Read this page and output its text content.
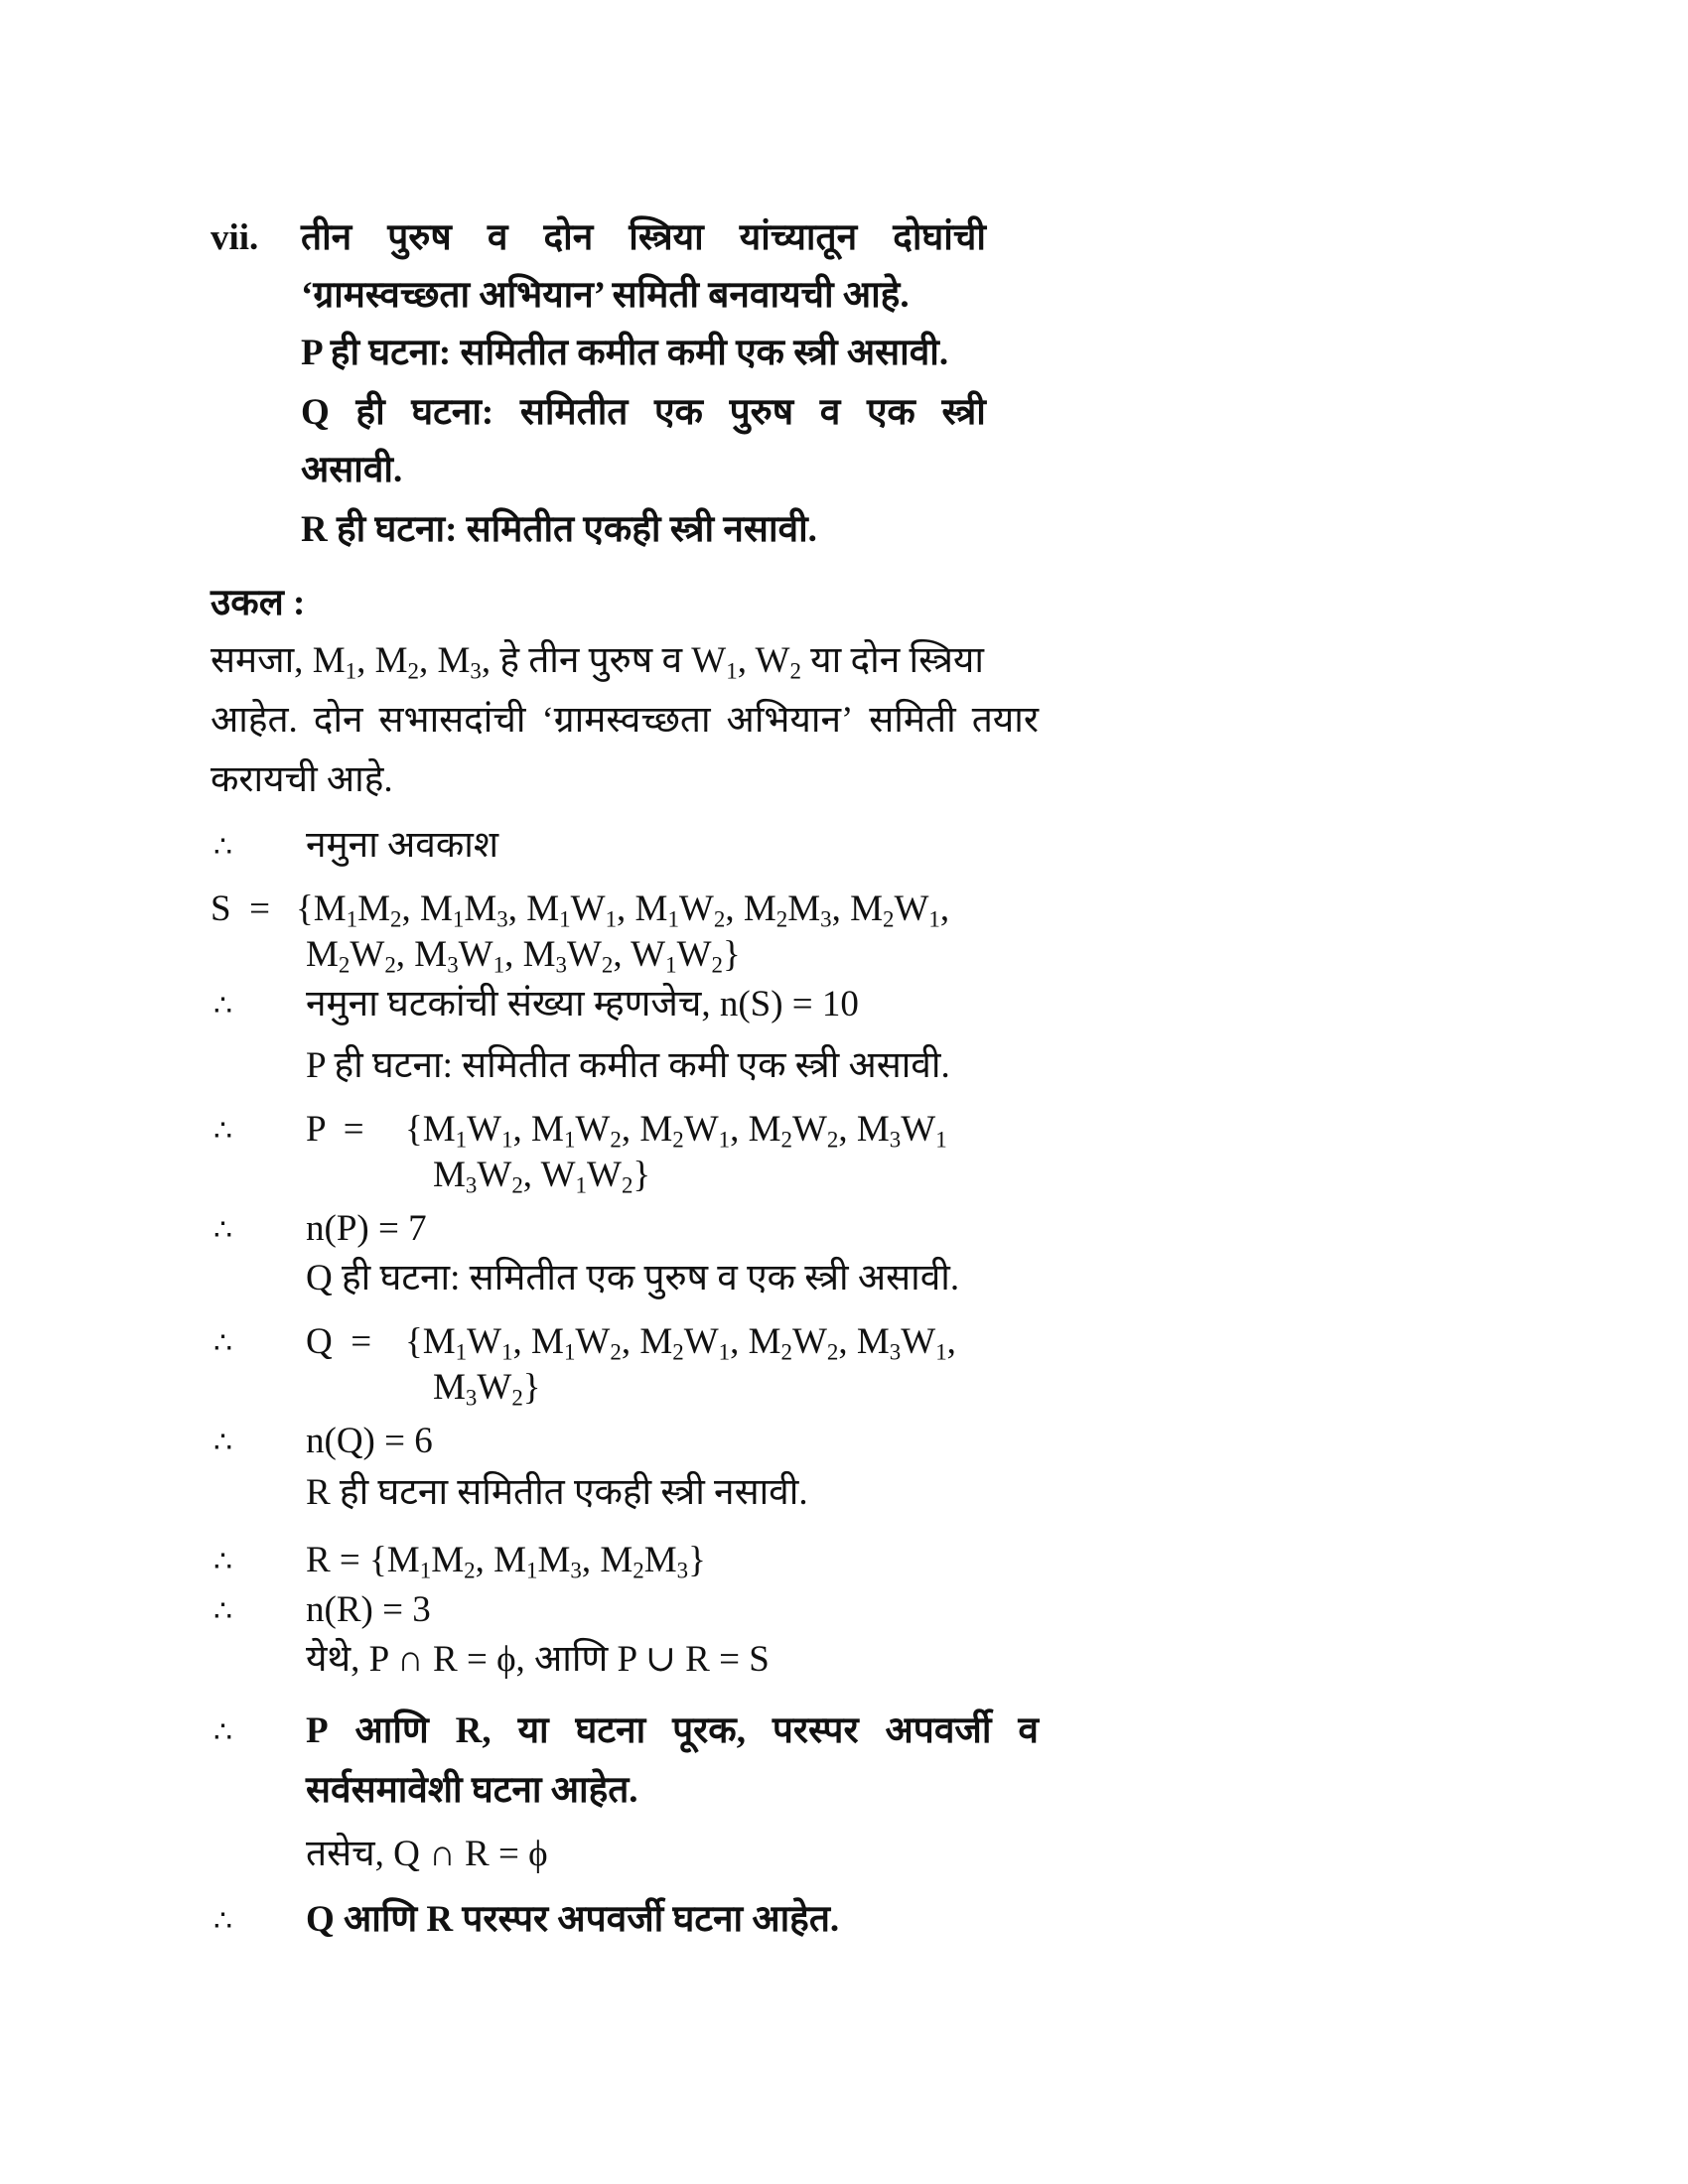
vii. तीन पुरुष व दोन स्त्रिया यांच्यातून दोघांची
‘ग्रामस्वच्छता अभियान’ समिती बनवायची आहे.
P ही घटना: समितीत कमीत कमी एक स्त्री असावी.
Q ही घटना: समितीत एक पुरुष व एक स्त्री
असावी.
R ही घटना: समितीत एकही स्त्री नसावी.
उकल :
समजा, $M_1$, $M_2$, $M_3$, हे तीन पुरुष व $W_1$, $W_2$ या दोन स्त्रिया
आहेत. दोन सभासदांची ‘ग्रामस्वच्छता अभियान’ समिती तयार
करायची आहे.
∴ नमुना अवकाश
$S = \{M_1M_2$, $M_1M_3$, $M_1W_1$, $M_1W_2$, $M_2M_3$, $M_2W_1$,
$M_2W_2$, $M_3W_1$, $M_3W_2$, $W_1W_2$}
∴ नमुना घटकांची संख्या म्हणजेच, n(S) = 10
P ही घटना: समितीत कमीत कमी एक स्त्री असावी.
∴ $P = \{M_1W_1$, $M_1W_2$, $M_2W_1$, $M_2W_2$, $M_3W_1$
$M_3W_2$, $W_1W_2$}
∴ n(P) = 7
Q ही घटना: समितीत एक पुरुष व एक स्त्री असावी.
∴ $Q = \{M_1W_1$, $M_1W_2$, $M_2W_1$, $M_2W_2$, $M_3W_1$,
$M_3W_2$}
∴ n(Q) = 6
R ही घटना समितीत एकही स्त्री नसावी.
∴ $R = \{M_1M_2$, $M_1M_3$, $M_2M_3$}
∴ n(R) = 3
येथे, P ∩ R = ϕ, आणि P ∪ R = S
∴ P आणि R, या घटना पूरक, परस्पर अपवर्जी व
सर्वसमावेशी घटना आहेत.
तसेच, Q ∩ R = ϕ
∴ Q आणि R परस्पर अपवर्जी घटना आहेत.
